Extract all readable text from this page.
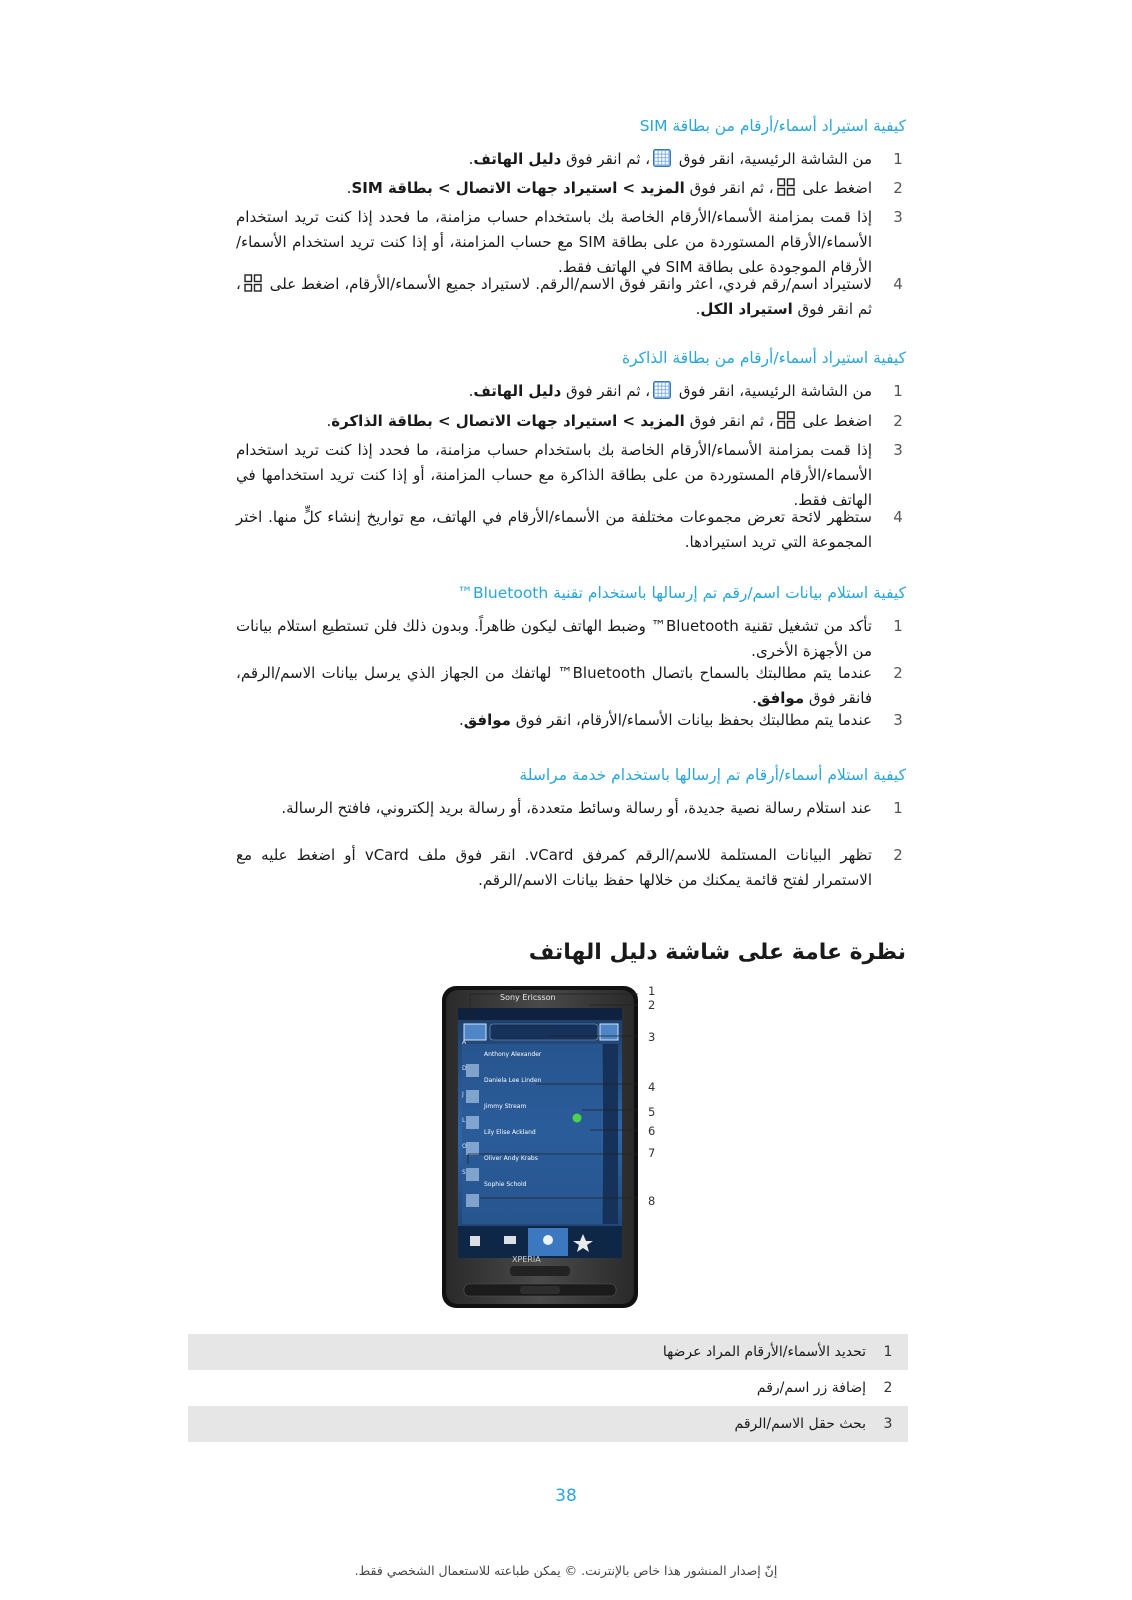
كيفية استيراد أسماء/أرقام من بطاقة SIM
1
من الشاشة الرئيسية، انقر فوق ، ثم انقر فوق دليل الهاتف.
2
اضغط على ، ثم انقر فوق المزيد > استيراد جهات الاتصال > بطاقة SIM.
3
إذا قمت بمزامنة الأسماء/الأرقام الخاصة بك باستخدام حساب مزامنة، ما فحدد إذا كنت تريد استخدام الأسماء/الأرقام المستوردة من على بطاقة SIM مع حساب المزامنة، أو إذا كنت تريد استخدام الأسماء/الأرقام الموجودة على بطاقة SIM في الهاتف فقط.
4
لاستيراد اسم/رقم فردي، اعثر وانقر فوق الاسم/الرقم. لاستيراد جميع الأسماء/الأرقام، اضغط على ، ثم انقر فوق استيراد الكل.
كيفية استيراد أسماء/أرقام من بطاقة الذاكرة
1
من الشاشة الرئيسية، انقر فوق ، ثم انقر فوق دليل الهاتف.
2
اضغط على ، ثم انقر فوق المزيد > استيراد جهات الاتصال > بطاقة الذاكرة.
3
إذا قمت بمزامنة الأسماء/الأرقام الخاصة بك باستخدام حساب مزامنة، ما فحدد إذا كنت تريد استخدام الأسماء/الأرقام المستوردة من على بطاقة الذاكرة مع حساب المزامنة، أو إذا كنت تريد استخدامها في الهاتف فقط.
4
ستظهر لائحة تعرض مجموعات مختلفة من الأسماء/الأرقام في الهاتف، مع تواريخ إنشاء كلٍّ منها. اختر المجموعة التي تريد استيرادها.
كيفية استلام بيانات اسم/رقم تم إرسالها باستخدام تقنية Bluetooth™
1
تأكد من تشغيل تقنية Bluetooth™ وضبط الهاتف ليكون ظاهراً. وبدون ذلك فلن تستطيع استلام بيانات من الأجهزة الأخرى.
2
عندما يتم مطالبتك بالسماح باتصال Bluetooth™ لهاتفك من الجهاز الذي يرسل بيانات الاسم/الرقم، فانقر فوق موافق.
3
عندما يتم مطالبتك بحفظ بيانات الأسماء/الأرقام، انقر فوق موافق.
كيفية استلام أسماء/أرقام تم إرسالها باستخدام خدمة مراسلة
1
عند استلام رسالة نصية جديدة، أو رسالة وسائط متعددة، أو رسالة بريد إلكتروني، فافتح الرسالة.
2
تظهر البيانات المستلمة للاسم/الرقم كمرفق vCard. انقر فوق ملف vCard أو اضغط عليه مع الاستمرار لفتح قائمة يمكنك من خلالها حفظ بيانات الاسم/الرقم.
نظرة عامة على شاشة دليل الهاتف
1
2
3
4
5
6
7
8
Sony Ericsson
XPERIA
A
Anthony Alexander
D
Daniela Lee Linden
J
Jimmy Stream
L
Lily Elise Ackland
O
Oliver Andy Krabs
S
Sophie Schold
1
تحديد الأسماء/الأرقام المراد عرضها
2
إضافة زر اسم/رقم
3
بحث حقل الاسم/الرقم
38
إنّ إصدار المنشور هذا خاص بالإنترنت. © يمكن طباعته للاستعمال الشخصي فقط.
